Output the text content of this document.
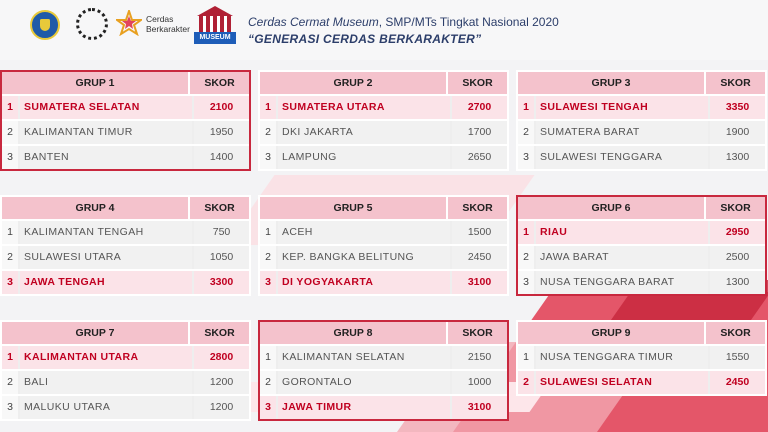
Cerdas
Berkarakter
MUSEUM
Cerdas Cermat Museum, SMP/MTs Tingkat Nasional 2020
“GENERASI CERDAS BERKARAKTER”
GRUP 1	SKOR
1	SUMATERA SELATAN	2100
2	KALIMANTAN TIMUR	1950
3	BANTEN	1400
GRUP 2	SKOR
1	SUMATERA UTARA	2700
2	DKI JAKARTA	1700
3	LAMPUNG	2650
GRUP 3	SKOR
1	SULAWESI TENGAH	3350
2	SUMATERA BARAT	1900
3	SULAWESI TENGGARA	1300
GRUP 4	SKOR
1	KALIMANTAN TENGAH	750
2	SULAWESI UTARA	1050
3	JAWA TENGAH	3300
GRUP 5	SKOR
1	ACEH	1500
2	KEP. BANGKA BELITUNG	2450
3	DI YOGYAKARTA	3100
GRUP 6	SKOR
1	RIAU	2950
2	JAWA BARAT	2500
3	NUSA TENGGARA BARAT	1300
GRUP 7	SKOR
1	KALIMANTAN UTARA	2800
2	BALI	1200
3	MALUKU UTARA	1200
GRUP 8	SKOR
1	KALIMANTAN SELATAN	2150
2	GORONTALO	1000
3	JAWA TIMUR	3100
GRUP 9	SKOR
1	NUSA TENGGARA TIMUR	1550
2	SULAWESI SELATAN	2450
